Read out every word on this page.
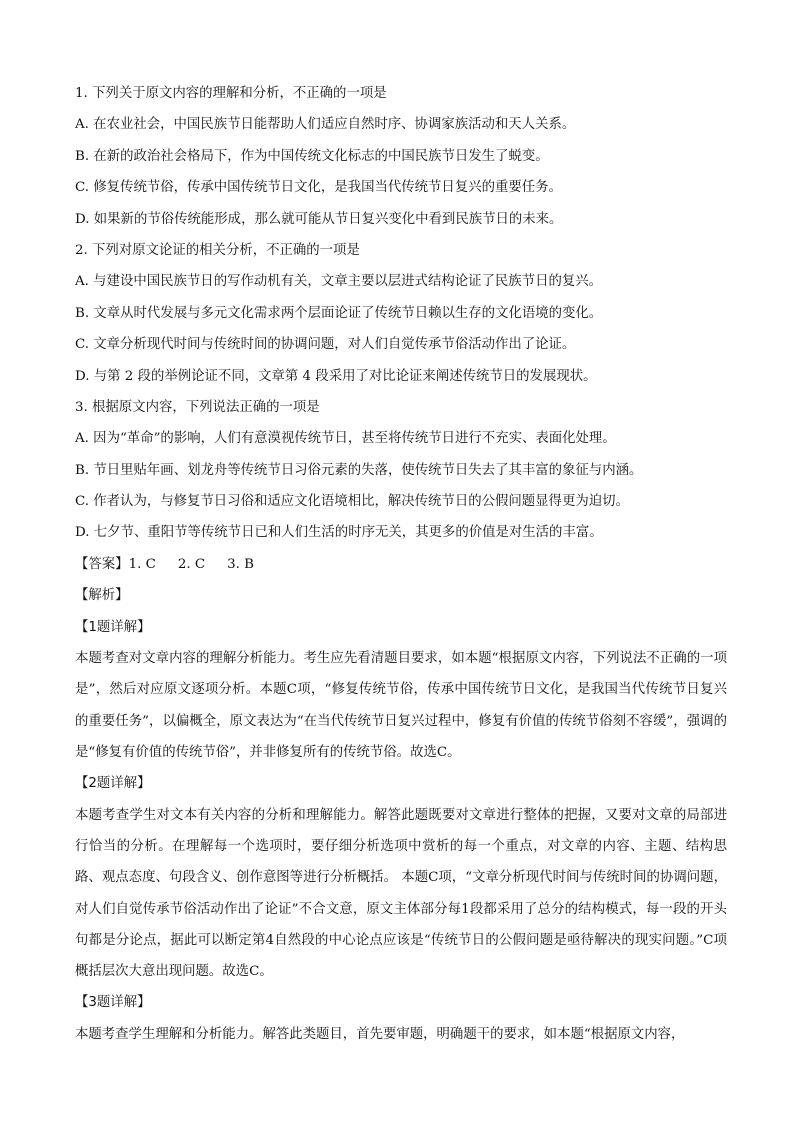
1. 下列关于原文内容的理解和分析，不正确的一项是
A. 在农业社会，中国民族节日能帮助人们适应自然时序、协调家族活动和天人关系。
B. 在新的政治社会格局下，作为中国传统文化标志的中国民族节日发生了蜕变。
C. 修复传统节俗，传承中国传统节日文化，是我国当代传统节日复兴的重要任务。
D. 如果新的节俗传统能形成，那么就可能从节日复兴变化中看到民族节日的未来。
2. 下列对原文论证的相关分析，不正确的一项是
A. 与建设中国民族节日的写作动机有关，文章主要以层进式结构论证了民族节日的复兴。
B. 文章从时代发展与多元文化需求两个层面论证了传统节日赖以生存的文化语境的变化。
C. 文章分析现代时间与传统时间的协调问题，对人们自觉传承节俗活动作出了论证。
D. 与第 2 段的举例论证不同，文章第 4 段采用了对比论证来阐述传统节日的发展现状。
3. 根据原文内容，下列说法正确的一项是
A. 因为“革命”的影响，人们有意漠视传统节日，甚至将传统节日进行不充实、表面化处理。
B. 节日里贴年画、划龙舟等传统节日习俗元素的失落，使传统节日失去了其丰富的象征与内涵。
C. 作者认为，与修复节日习俗和适应文化语境相比，解决传统节日的公假问题显得更为迫切。
D. 七夕节、重阳节等传统节日已和人们生活的时序无关，其更多的价值是对生活的丰富。
【答案】1. C 2. C 3. B
【解析】
【1题详解】
本题考查对文章内容的理解分析能力。考生应先看清题目要求，如本题“根据原文内容，下列说法不正确的一项是”，然后对应原文逐项分析。本题C项，“修复传统节俗，传承中国传统节日文化，是我国当代传统节日复兴的重要任务”，以偏概全，原文表达为“在当代传统节日复兴过程中，修复有价值的传统节俗刻不容缓”，强调的是“修复有价值的传统节俗”，并非修复所有的传统节俗。故选C。
【2题详解】
本题考查学生对文本有关内容的分析和理解能力。解答此题既要对文章进行整体的把握，又要对文章的局部进行恰当的分析。在理解每一个选项时，要仔细分析选项中赏析的每一个重点，对文章的内容、主题、结构思路、观点态度、句段含义、创作意图等进行分析概括。 本题C项，“文章分析现代时间与传统时间的协调问题，对人们自觉传承节俗活动作出了论证”不合文意，原文主体部分每1段都采用了总分的结构模式，每一段的开头句都是分论点，据此可以断定第4自然段的中心论点应该是“传统节日的公假问题是亟待解决的现实问题。”C项概括层次大意出现问题。故选C。
【3题详解】
本题考查学生理解和分析能力。解答此类题目，首先要审题，明确题干的要求，如本题“根据原文内容，
